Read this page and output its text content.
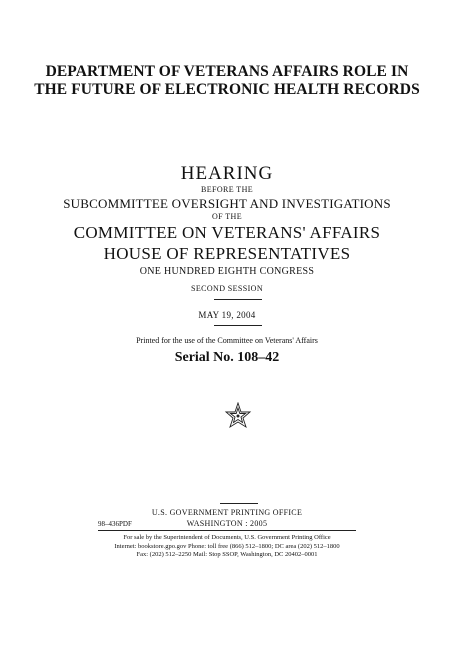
DEPARTMENT OF VETERANS AFFAIRS ROLE IN
THE FUTURE OF ELECTRONIC HEALTH RECORDS
HEARING
BEFORE THE
SUBCOMMITTEE OVERSIGHT AND INVESTIGATIONS
OF THE
COMMITTEE ON VETERANS' AFFAIRS
HOUSE OF REPRESENTATIVES
ONE HUNDRED EIGHTH CONGRESS
SECOND SESSION
MAY 19, 2004
Printed for the use of the Committee on Veterans' Affairs
Serial No. 108–42
U.S. GOVERNMENT PRINTING OFFICE
98–436PDF	WASHINGTON : 2005
For sale by the Superintendent of Documents, U.S. Government Printing Office
Internet: bookstore.gpo.gov Phone: toll free (866) 512–1800; DC area (202) 512–1800
Fax: (202) 512–2250 Mail: Stop SSOP, Washington, DC 20402–0001
